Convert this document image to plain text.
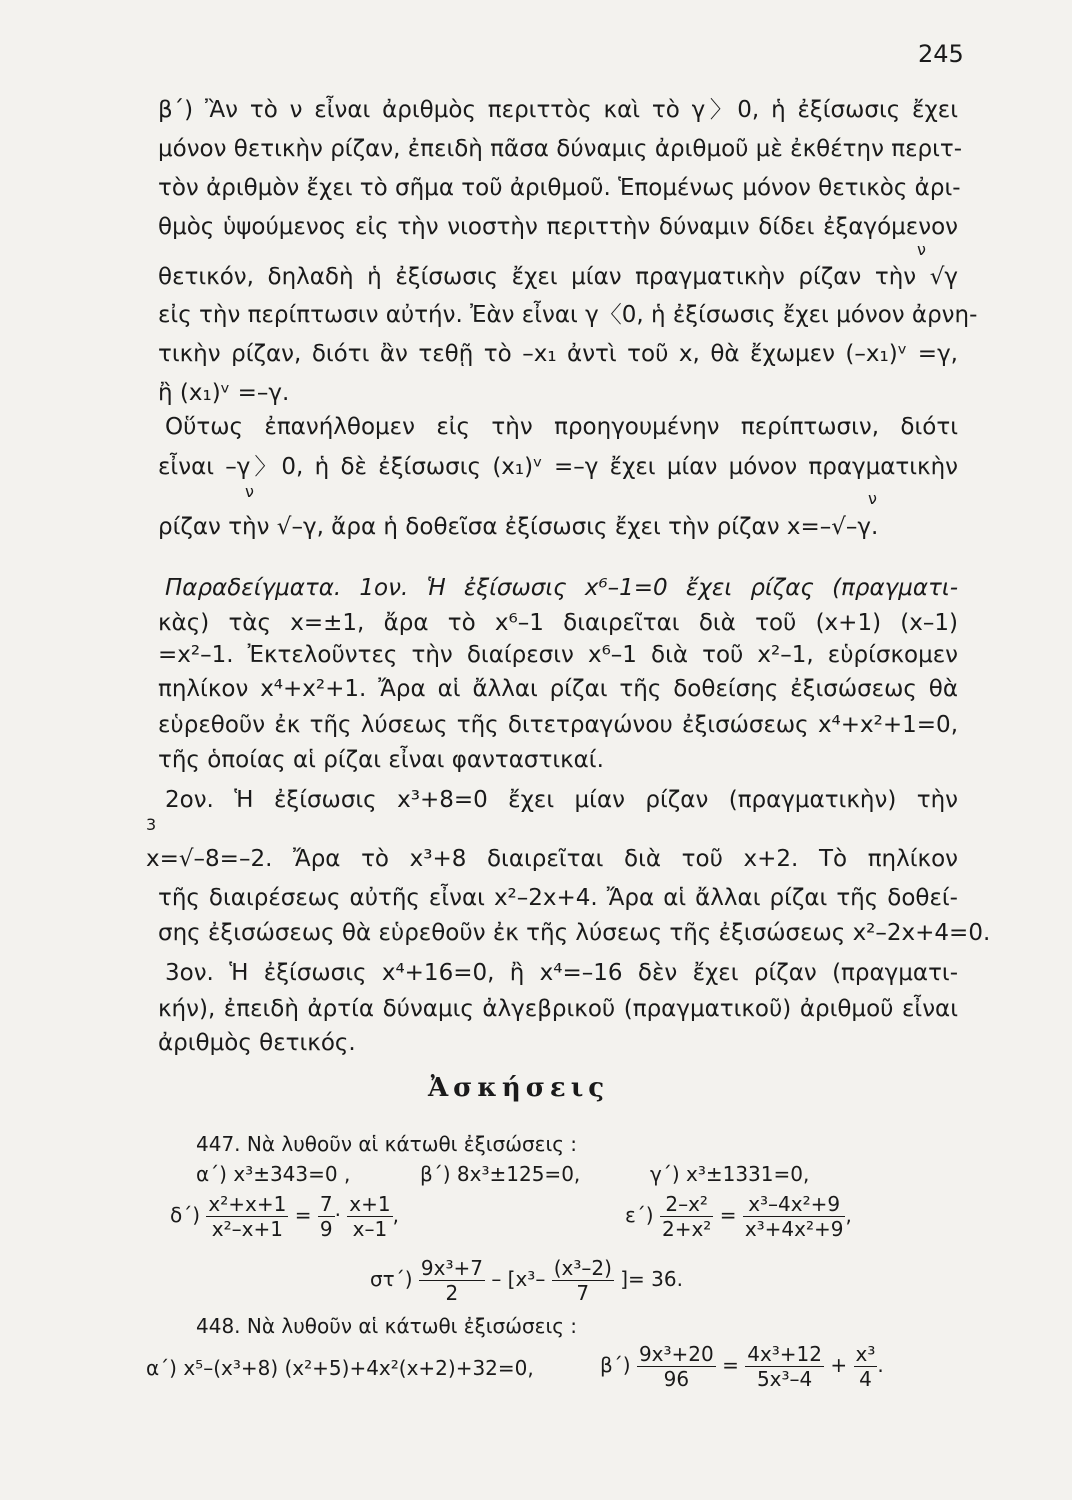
245
β΄) Ἂν τὸ ν εἶναι ἀριθμὸς περιττὸς καὶ τὸ γ〉0, ἡ ἐξίσωσις ἔχει
μόνον θετικὴν ρίζαν, ἐπειδὴ πᾶσα δύναμις ἀριθμοῦ μὲ ἐκθέτην περιτ-
τὸν ἀριθμὸν ἔχει τὸ σῆμα τοῦ ἀριθμοῦ. Ἑπομένως μόνον θετικὸς ἀρι-
θμὸς ὑψούμενος εἰς τὴν νιοστὴν περιττὴν δύναμιν δίδει ἐξαγόμενον
ν
θετικόν, δηλαδὴ ἡ ἐξίσωσις ἔχει μίαν πραγματικὴν ρίζαν τὴν √γ
εἰς τὴν περίπτωσιν αὐτήν. Ἐὰν εἶναι γ〈0, ἡ ἐξίσωσις ἔχει μόνον ἀρνη-
τικὴν ρίζαν, διότι ἂν τεθῇ τὸ –x₁ ἀντὶ τοῦ x, θὰ ἔχωμεν (–x₁)ᵛ =γ,
ἢ (x₁)ᵛ =–γ.
Οὕτως ἐπανήλθομεν εἰς τὴν προηγουμένην περίπτωσιν, διότι
εἶναι –γ〉0, ἡ δὲ ἐξίσωσις (x₁)ᵛ =–γ ἔχει μίαν μόνον πραγματικὴν
ν	ν
ρίζαν τὴν √–γ, ἄρα ἡ δοθεῖσα ἐξίσωσις ἔχει τὴν ρίζαν x=–√–γ.
Παραδείγματα. 1ον. Ἡ ἐξίσωσις x⁶–1=0 ἔχει ρίζας (πραγματι-
κὰς) τὰς x=±1, ἄρα τὸ x⁶–1 διαιρεῖται διὰ τοῦ (x+1) (x–1)
=x²–1. Ἐκτελοῦντες τὴν διαίρεσιν x⁶–1 διὰ τοῦ x²–1, εὑρίσκομεν
πηλίκον x⁴+x²+1. Ἄρα αἱ ἄλλαι ρίζαι τῆς δοθείσης ἐξισώσεως θὰ
εὑρεθοῦν ἐκ τῆς λύσεως τῆς διτετραγώνου ἐξισώσεως x⁴+x²+1=0,
τῆς ὁποίας αἱ ρίζαι εἶναι φανταστικαί.
2ον. Ἡ ἐξίσωσις x³+8=0 ἔχει μίαν ρίζαν (πραγματικὴν) τὴν
3
x=√–8=–2. Ἄρα τὸ x³+8 διαιρεῖται διὰ τοῦ x+2. Τὸ πηλίκον
τῆς διαιρέσεως αὐτῆς εἶναι x²–2x+4. Ἄρα αἱ ἄλλαι ρίζαι τῆς δοθεί-
σης ἐξισώσεως θὰ εὑρεθοῦν ἐκ τῆς λύσεως τῆς ἐξισώσεως x²–2x+4=0.
3ον. Ἡ ἐξίσωσις x⁴+16=0, ἢ x⁴=–16 δὲν ἔχει ρίζαν (πραγματι-
κήν), ἐπειδὴ ἀρτία δύναμις ἀλγεβρικοῦ (πραγματικοῦ) ἀριθμοῦ εἶναι
ἀριθμὸς θετικός.
Ἀσκήσεις
447. Νὰ λυθοῦν αἱ κάτωθι ἐξισώσεις :
α΄) x³±343=0 ,	β΄) 8x³±125=0,	γ΄) x³±1331=0,
$\delta΄) \frac{\text{x²+x+1}}{\text{x²–x+1}} = \frac{7}{9} \cdot \frac{x+1}{x-1}$ ,	$\varepsilon΄) \frac{\text{2–x²}}{\text{2+x²}} = \frac{\text{x³–4x²+9}}{\text{x³+4x²+9}}$ ,
$\sigma\tau΄) \frac{\text{9x³+7}}{2} - [x^3- \frac{\text{(x³–2)}}{7}$ ]= 36.
448. Νὰ λυθοῦν αἱ κάτωθι ἐξισώσεις :
α΄) x⁵–(x³+8) (x²+5)+4x²(x+2)+32=0,	$\beta΄) \frac{\text{9x³+20}}{96} = \frac{\text{4x³+12}}{\text{5x³–4}} + \frac{\text{x³}}{4}$ .
